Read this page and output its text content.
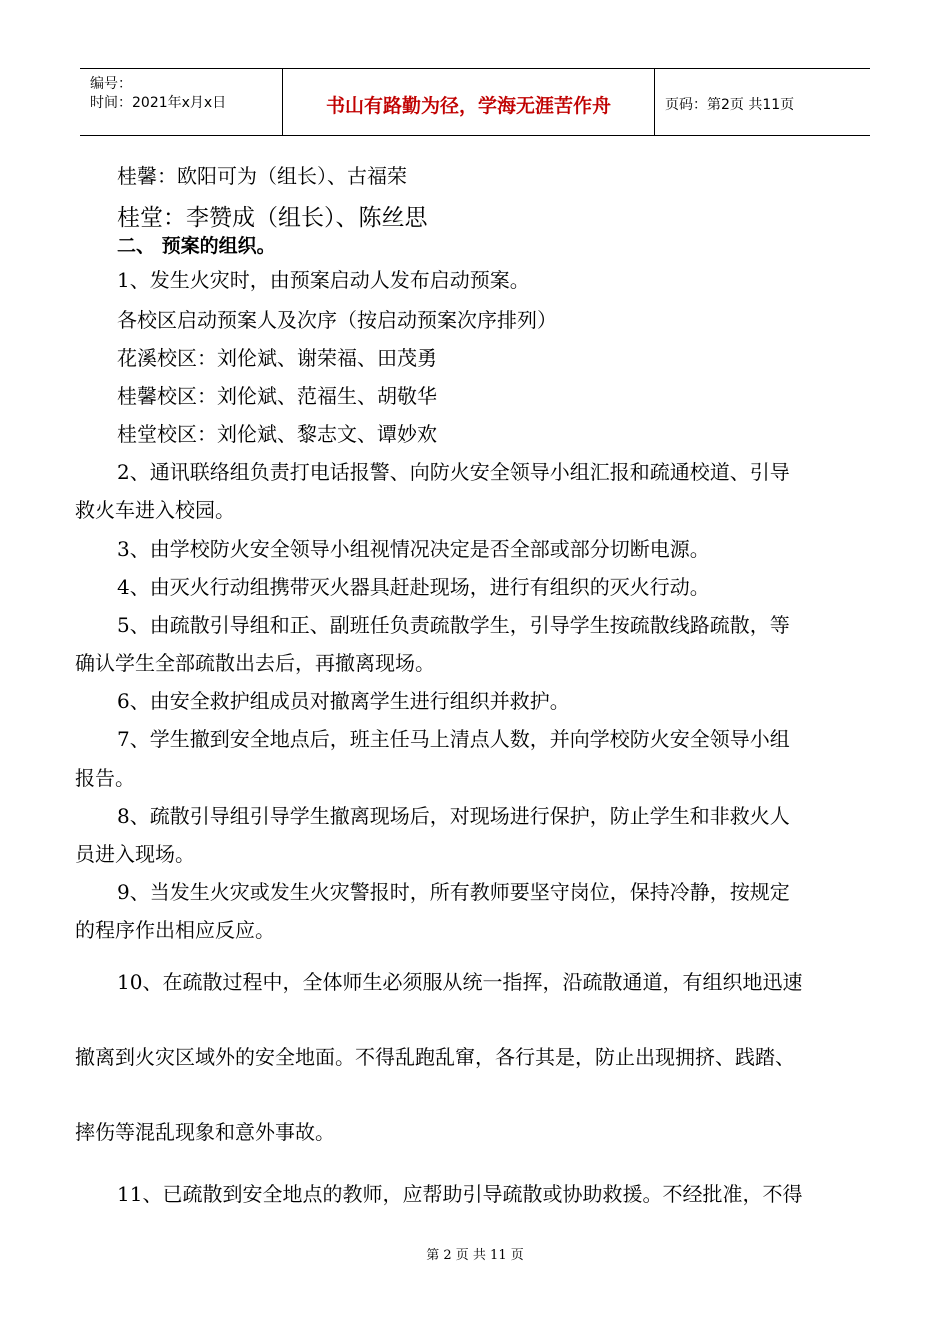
编号：
时间：2021年x月x日	书山有路勤为径，学海无涯苦作舟	页码：第2页 共11页
桂馨：欧阳可为（组长）、古福荣
桂堂：李赞成（组长）、陈丝思
二、 预案的组织。
1、发生火灾时，由预案启动人发布启动预案。
各校区启动预案人及次序（按启动预案次序排列）
花溪校区：刘伦斌、谢荣福、田茂勇
桂馨校区：刘伦斌、范福生、胡敬华
桂堂校区：刘伦斌、黎志文、谭妙欢
2、通讯联络组负责打电话报警、向防火安全领导小组汇报和疏通校道、引导
救火车进入校园。
3、由学校防火安全领导小组视情况决定是否全部或部分切断电源。
4、由灭火行动组携带灭火器具赶赴现场，进行有组织的灭火行动。
5、由疏散引导组和正、副班任负责疏散学生，引导学生按疏散线路疏散，等
确认学生全部疏散出去后，再撤离现场。
6、由安全救护组成员对撤离学生进行组织并救护。
7、学生撤到安全地点后，班主任马上清点人数，并向学校防火安全领导小组
报告。
8、疏散引导组引导学生撤离现场后，对现场进行保护，防止学生和非救火人
员进入现场。
9、当发生火灾或发生火灾警报时，所有教师要坚守岗位，保持冷静，按规定
的程序作出相应反应。
10、在疏散过程中，全体师生必须服从统一指挥，沿疏散通道，有组织地迅速
撤离到火灾区域外的安全地面。不得乱跑乱窜，各行其是，防止出现拥挤、践踏、
摔伤等混乱现象和意外事故。
11、已疏散到安全地点的教师，应帮助引导疏散或协助救援。不经批准，不得
第 2 页 共 11 页
